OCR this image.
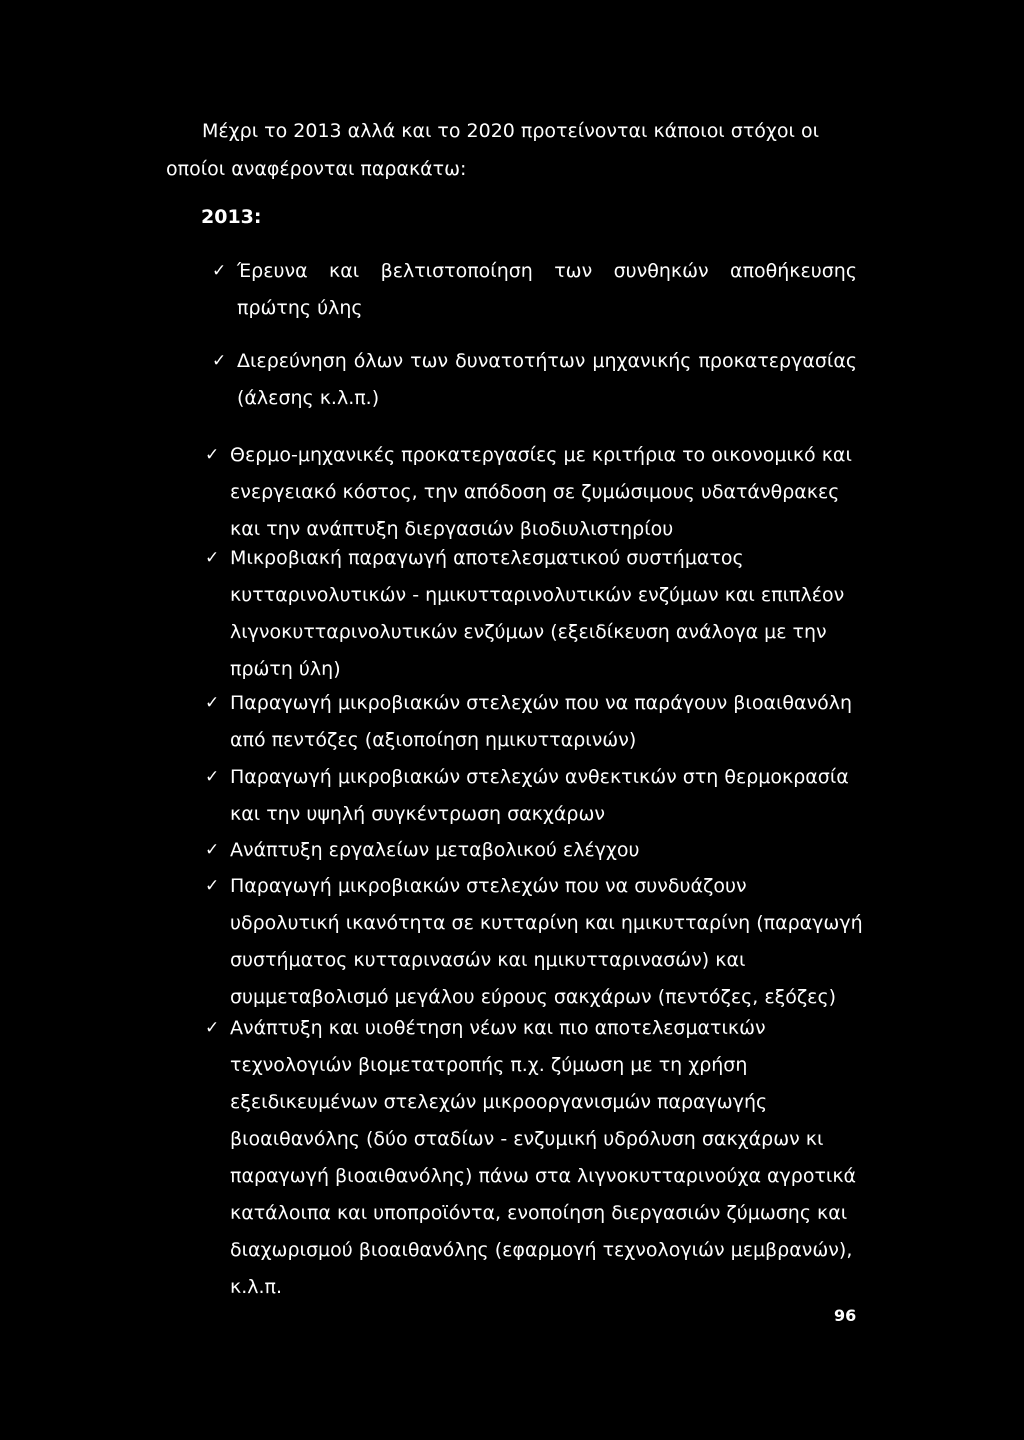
Μέχρι το 2013 αλλά και το 2020 προτείνονται κάποιοι στόχοι οι
οποίοι αναφέρονται παρακάτω:

2013:

✓ Έρευνα και βελτιστοποίηση των συνθηκών αποθήκευσης
πρώτης ύλης
✓ Διερεύνηση όλων των δυνατοτήτων μηχανικής προκατεργασίας
(άλεσης κ.λ.π.)
✓ Θερμο-μηχανικές προκατεργασίες με κριτήρια το οικονομικό και
ενεργειακό κόστος, την απόδοση σε ζυμώσιμους υδατάνθρακες
και την ανάπτυξη διεργασιών βιοδιυλιστηρίου
✓ Μικροβιακή παραγωγή αποτελεσματικού συστήματος
κυτταρινολυτικών - ημικυτταρινολυτικών ενζύμων και επιπλέον
λιγνοκυτταρινολυτικών ενζύμων (εξειδίκευση ανάλογα με την
πρώτη ύλη)
✓ Παραγωγή μικροβιακών στελεχών που να παράγουν βιοαιθανόλη
από πεντόζες (αξιοποίηση ημικυτταρινών)
✓ Παραγωγή μικροβιακών στελεχών ανθεκτικών στη θερμοκρασία
και την υψηλή συγκέντρωση σακχάρων
✓ Ανάπτυξη εργαλείων μεταβολικού ελέγχου
✓ Παραγωγή μικροβιακών στελεχών που να συνδυάζουν
υδρολυτική ικανότητα σε κυτταρίνη και ημικυτταρίνη (παραγωγή
συστήματος κυτταρινασών και ημικυτταρινασών) και
συμμεταβολισμό μεγάλου εύρους σακχάρων (πεντόζες, εξόζες)
✓ Ανάπτυξη και υιοθέτηση νέων και πιο αποτελεσματικών
τεχνολογιών βιομετατροπής π.χ. ζύμωση με τη χρήση
εξειδικευμένων στελεχών μικροοργανισμών παραγωγής
βιοαιθανόλης (δύο σταδίων - ενζυμική υδρόλυση σακχάρων κι
παραγωγή βιοαιθανόλης) πάνω στα λιγνοκυτταρινούχα αγροτικά
κατάλοιπα και υποπροϊόντα, ενοποίηση διεργασιών ζύμωσης και
διαχωρισμού βιοαιθανόλης (εφαρμογή τεχνολογιών μεμβρανών),
κ.λ.π.
96
